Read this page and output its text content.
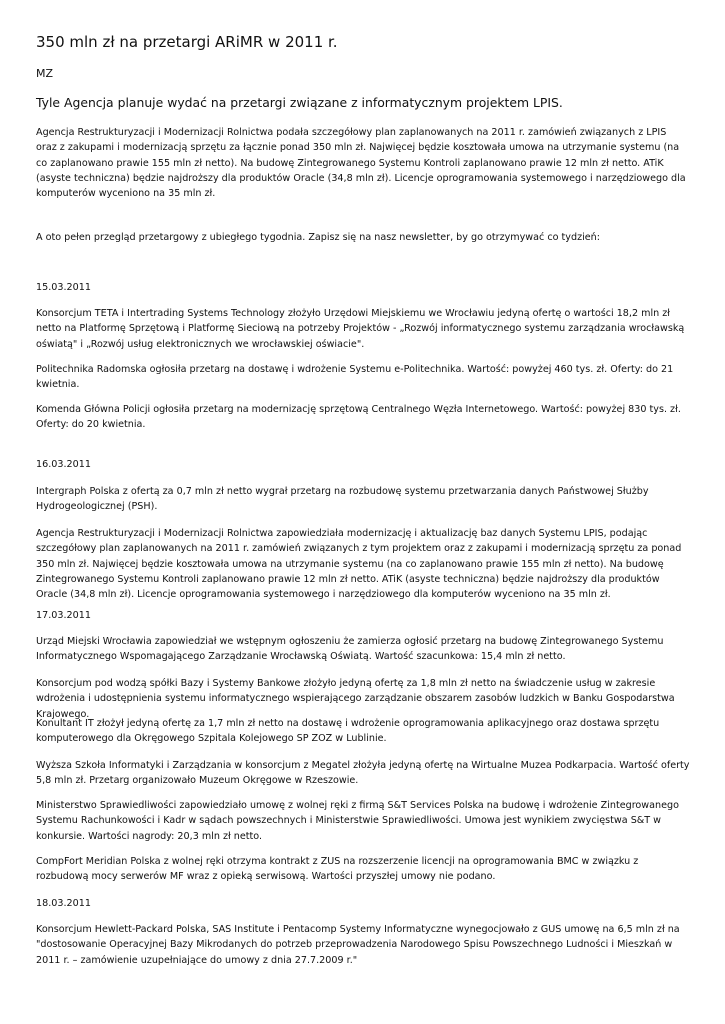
350 mln zł na przetargi ARiMR w 2011 r.
MZ
Tyle Agencja planuje wydać na przetargi związane z informatycznym projektem LPIS.

Agencja Restrukturyzacji i Modernizacji Rolnictwa podała szczegółowy plan zaplanowanych na 2011 r. zamówień związanych z LPIS oraz z zakupami i modernizacją sprzętu za łącznie ponad 350 mln zł. Najwięcej będzie kosztowała umowa na utrzymanie systemu (na co zaplanowano prawie 155 mln zł netto). Na budowę Zintegrowanego Systemu Kontroli zaplanowano prawie 12 mln zł netto. ATiK (asyste techniczna) będzie najdroższy dla produktów Oracle (34,8 mln zł). Licencje oprogramowania systemowego i narzędziowego dla komputerów wyceniono na 35 mln zł.

A oto pełen przegląd przetargowy z ubiegłego tygodnia. Zapisz się na nasz newsletter, by go otrzymywać co tydzień:

15.03.2011

Konsorcjum TETA i Intertrading Systems Technology złożyło Urzędowi Miejskiemu we Wrocławiu jedyną ofertę o wartości 18,2 mln zł netto na Platformę Sprzętową i Platformę Sieciową na potrzeby Projektów - „Rozwój informatycznego systemu zarządzania wrocławską oświatą" i „Rozwój usług elektronicznych we wrocławskiej oświacie".

Politechnika Radomska ogłosiła przetarg na dostawę i wdrożenie Systemu e-Politechnika. Wartość: powyżej 460 tys. zł. Oferty: do 21 kwietnia.

Komenda Główna Policji ogłosiła przetarg na modernizację sprzętową Centralnego Węzła Internetowego. Wartość: powyżej 830 tys. zł. Oferty: do 20 kwietnia.

16.03.2011

Intergraph Polska z ofertą za 0,7 mln zł netto wygrał przetarg na rozbudowę systemu przetwarzania danych Państwowej Służby Hydrogeologicznej (PSH).

Agencja Restrukturyzacji i Modernizacji Rolnictwa zapowiedziała modernizację i aktualizację baz danych Systemu LPIS, podając szczegółowy plan zaplanowanych na 2011 r. zamówień związanych z tym projektem oraz z zakupami i modernizacją sprzętu za ponad 350 mln zł. Najwięcej będzie kosztowała umowa na utrzymanie systemu (na co zaplanowano prawie 155 mln zł netto). Na budowę Zintegrowanego Systemu Kontroli zaplanowano prawie 12 mln zł netto. ATiK (asyste techniczna) będzie najdroższy dla produktów Oracle (34,8 mln zł). Licencje oprogramowania systemowego i narzędziowego dla komputerów wyceniono na 35 mln zł.

17.03.2011

Urząd Miejski Wrocławia zapowiedział we wstępnym ogłoszeniu że zamierza ogłosić przetarg na budowę Zintegrowanego Systemu Informatycznego Wspomagającego Zarządzanie Wrocławską Oświatą. Wartość szacunkowa: 15,4 mln zł netto.

Konsorcjum pod wodzą spółki Bazy i Systemy Bankowe złożyło jedyną ofertę za 1,8 mln zł netto na świadczenie usług w zakresie wdrożenia i udostępnienia systemu informatycznego wspierającego zarządzanie obszarem zasobów ludzkich w Banku Gospodarstwa Krajowego.

Konultant IT złożył jedyną ofertę za 1,7 mln zł netto na dostawę i wdrożenie oprogramowania aplikacyjnego oraz dostawa sprzętu komputerowego dla Okręgowego Szpitala Kolejowego SP ZOZ w Lublinie.

Wyższa Szkoła Informatyki i Zarządzania w konsorcjum z Megatel złożyła jedyną ofertę na Wirtualne Muzea Podkarpacia. Wartość oferty 5,8 mln zł. Przetarg organizowało Muzeum Okręgowe w Rzeszowie.

Ministerstwo Sprawiedliwości zapowiedziało umowę z wolnej ręki z firmą S&T Services Polska na budowę i wdrożenie Zintegrowanego Systemu Rachunkowości i Kadr w sądach powszechnych i Ministerstwie Sprawiedliwości. Umowa jest wynikiem zwycięstwa S&T w konkursie. Wartości nagrody: 20,3 mln zł netto.

CompFort Meridian Polska z wolnej ręki otrzyma kontrakt z ZUS na rozszerzenie licencji na oprogramowania BMC w związku z rozbudową mocy serwerów MF wraz z opieką serwisową. Wartości przyszłej umowy nie podano.

18.03.2011

Konsorcjum Hewlett-Packard Polska, SAS Institute i Pentacomp Systemy Informatyczne wynegocjowało z GUS umowę na 6,5 mln zł na "dostosowanie Operacyjnej Bazy Mikrodanych do potrzeb przeprowadzenia Narodowego Spisu Powszechnego Ludności i Mieszkań w 2011 r. – zamówienie uzupełniające do umowy z dnia 27.7.2009 r."
